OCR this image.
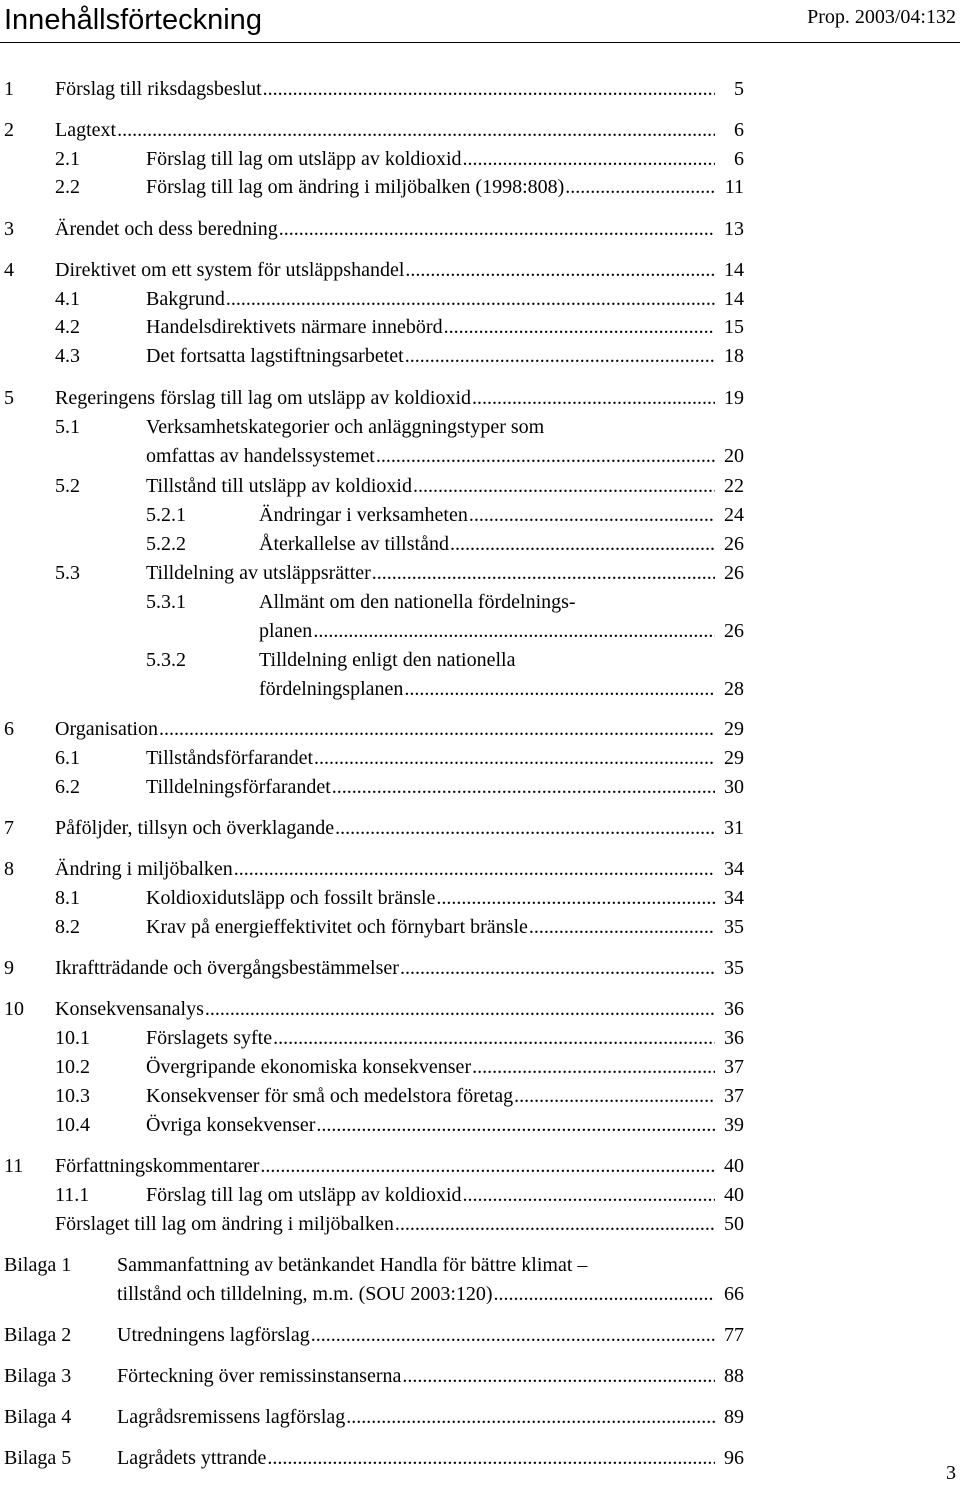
Innehållsförteckning	Prop. 2003/04:132
1 Förslag till riksdagsbeslut .....	5
2 Lagtext .....	6
2.1	Förslag till lag om utsläpp av koldioxid .....	6
2.2	Förslag till lag om ändring i miljöbalken (1998:808) .....	11
3 Ärendet och dess beredning .....	13
4 Direktivet om ett system för utsläppshandel .....	14
4.1	Bakgrund .....	14
4.2	Handelsdirektivets närmare innebörd .....	15
4.3	Det fortsatta lagstiftningsarbetet .....	18
5 Regeringens förslag till lag om utsläpp av koldioxid .....	19
5.1	Verksamhetskategorier och anläggningstyper som
omfattas av handelssystemet .....	20
5.2	Tillstånd till utsläpp av koldioxid .....	22
5.2.1	Ändringar i verksamheten .....	24
5.2.2	Återkallelse av tillstånd .....	26
5.3	Tilldelning av utsläppsrätter .....	26
5.3.1	Allmänt om den nationella fördelnings-
planen .....	26
5.3.2	Tilldelning enligt den nationella
fördelningsplanen .....	28
6 Organisation .....	29
6.1	Tillståndsförfarandet .....	29
6.2	Tilldelningsförfarandet .....	30
7 Påföljder, tillsyn och överklagande .....	31
8 Ändring i miljöbalken .....	34
8.1	Koldioxidutsläpp och fossilt bränsle .....	34
8.2	Krav på energieffektivitet och förnybart bränsle .....	35
9 Ikraftträdande och övergångsbestämmelser .....	35
10 Konsekvensanalys .....	36
10.1	Förslagets syfte .....	36
10.2	Övergripande ekonomiska konsekvenser .....	37
10.3	Konsekvenser för små och medelstora företag .....	37
10.4	Övriga konsekvenser .....	39
11 Författningskommentarer .....	40
11.1	Förslag till lag om utsläpp av koldioxid .....	40
Förslaget till lag om ändring i miljöbalken .....	50
Bilaga 1 Sammanfattning av betänkandet Handla för bättre klimat –
tillstånd och tilldelning, m.m. (SOU 2003:120) .....	66
Bilaga 2 Utredningens lagförslag .....	77
Bilaga 3 Förteckning över remissinstanserna .....	88
Bilaga 4 Lagrådsremissens lagförslag .....	89
Bilaga 5 Lagrådets yttrande .....	96
3
